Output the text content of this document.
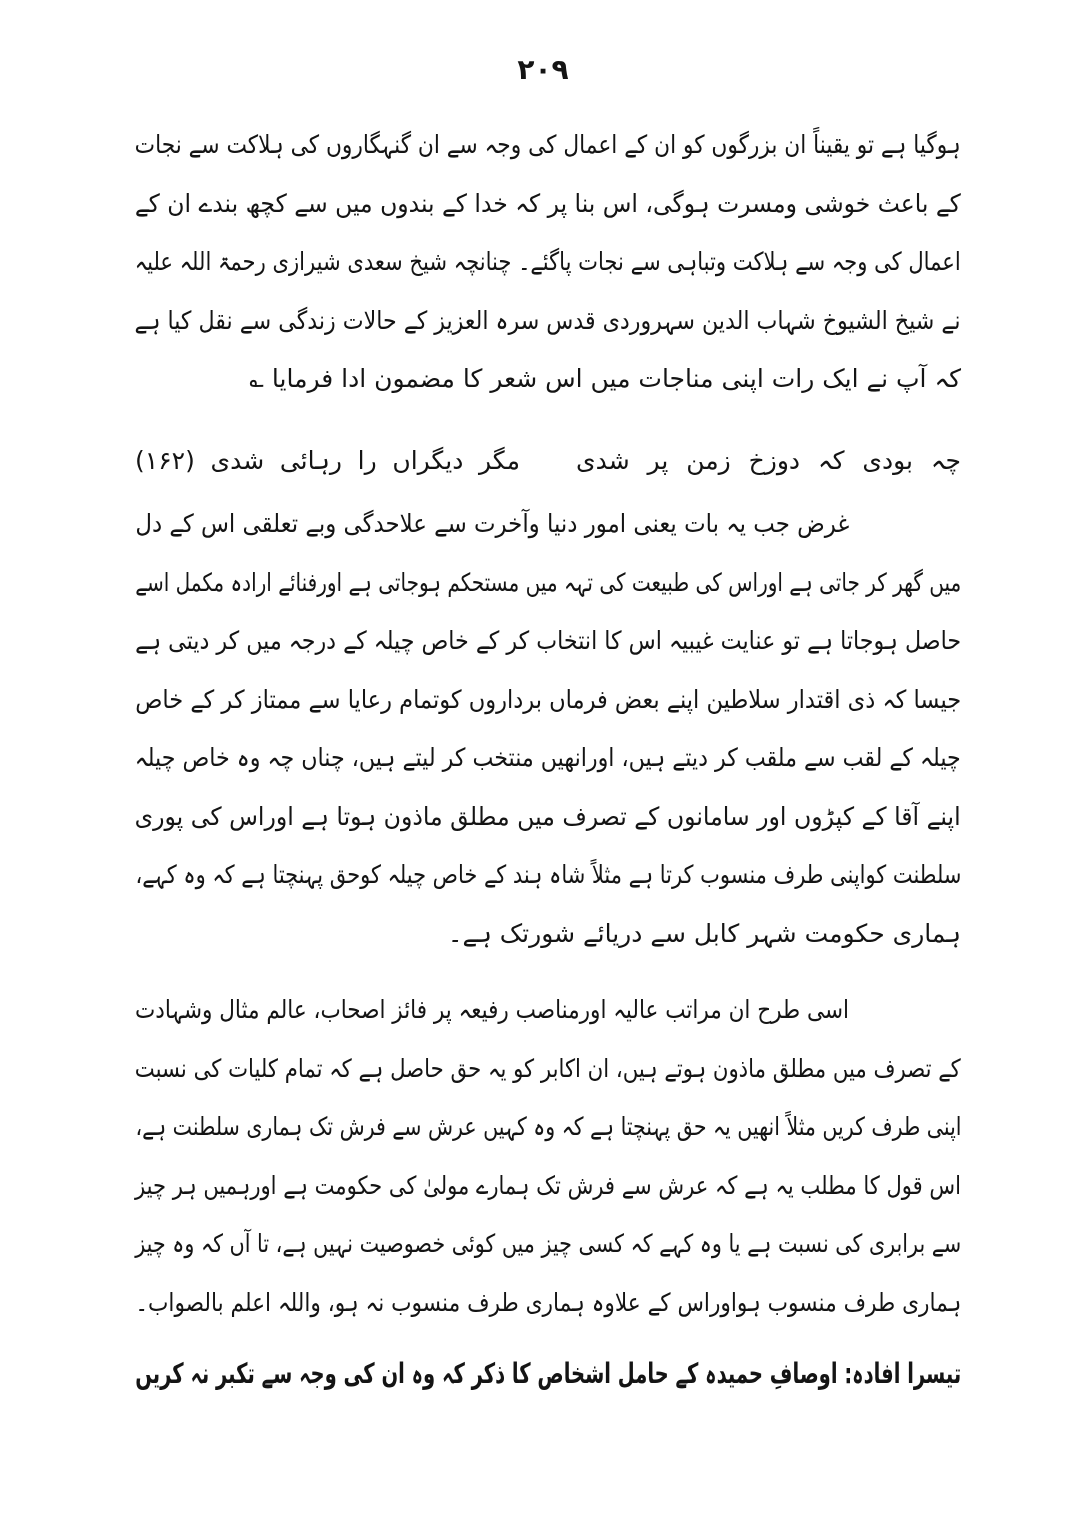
۲۰۹
ہوگیا ہے تو یقیناً ان بزرگوں کو ان کے اعمال کی وجہ سے ان گنہگاروں کی ہلاکت سے نجات
کے باعث خوشی ومسرت ہوگی، اس بنا پر کہ خدا کے بندوں میں سے کچھ بندے ان کے
اعمال کی وجہ سے ہلاکت وتباہی سے نجات پاگئے۔ چنانچہ شیخ سعدی شیرازی رحمۃ اللہ علیہ
نے شیخ الشیوخ شہاب الدین سہروردی قدس سرہ العزیز کے حالات زندگی سے نقل کیا ہے
کہ آپ نے ایک رات اپنی مناجات میں اس شعر کا مضمون ادا فرمایا ؎
چہ بودی کہ دوزخ زمن پر شدی
مگر دیگراں را رہائی شدی (۱۶۲)
غرض جب یہ بات یعنی امور دنیا وآخرت سے علاحدگی وبے تعلقی اس کے دل
میں گھر کر جاتی ہے اوراس کی طبیعت کی تہہ میں مستحکم ہوجاتی ہے اورفنائے ارادہ مکمل اسے
حاصل ہوجاتا ہے تو عنایت غیبیہ اس کا انتخاب کر کے خاص چیلہ کے درجہ میں کر دیتی ہے
جیسا کہ ذی اقتدار سلاطین اپنے بعض فرماں برداروں کوتمام رعایا سے ممتاز کر کے خاص
چیلہ کے لقب سے ملقب کر دیتے ہیں، اورانھیں منتخب کر لیتے ہیں، چناں چہ وہ خاص چیلہ
اپنے آقا کے کپڑوں اور سامانوں کے تصرف میں مطلق ماذون ہوتا ہے اوراس کی پوری
سلطنت کواپنی طرف منسوب کرتا ہے مثلاً شاہ ہند کے خاص چیلہ کوحق پہنچتا ہے کہ وہ کہے،
ہماری حکومت شہر کابل سے دریائے شورتک ہے۔
اسی طرح ان مراتب عالیہ اورمناصب رفیعہ پر فائز اصحاب، عالم مثال وشہادت
کے تصرف میں مطلق ماذون ہوتے ہیں، ان اکابر کو یہ حق حاصل ہے کہ تمام کلیات کی نسبت
اپنی طرف کریں مثلاً انھیں یہ حق پہنچتا ہے کہ وہ کہیں عرش سے فرش تک ہماری سلطنت ہے،
اس قول کا مطلب یہ ہے کہ عرش سے فرش تک ہمارے مولیٰ کی حکومت ہے اورہمیں ہر چیز
سے برابری کی نسبت ہے یا وہ کہے کہ کسی چیز میں کوئی خصوصیت نہیں ہے، تا آں کہ وہ چیز
ہماری طرف منسوب ہواوراس کے علاوہ ہماری طرف منسوب نہ ہو، واللہ اعلم بالصواب۔
تیسرا افادہ: اوصافِ حمیدہ کے حامل اشخاص کا ذکر کہ وہ ان کی وجہ سے تکبر نہ کریں
